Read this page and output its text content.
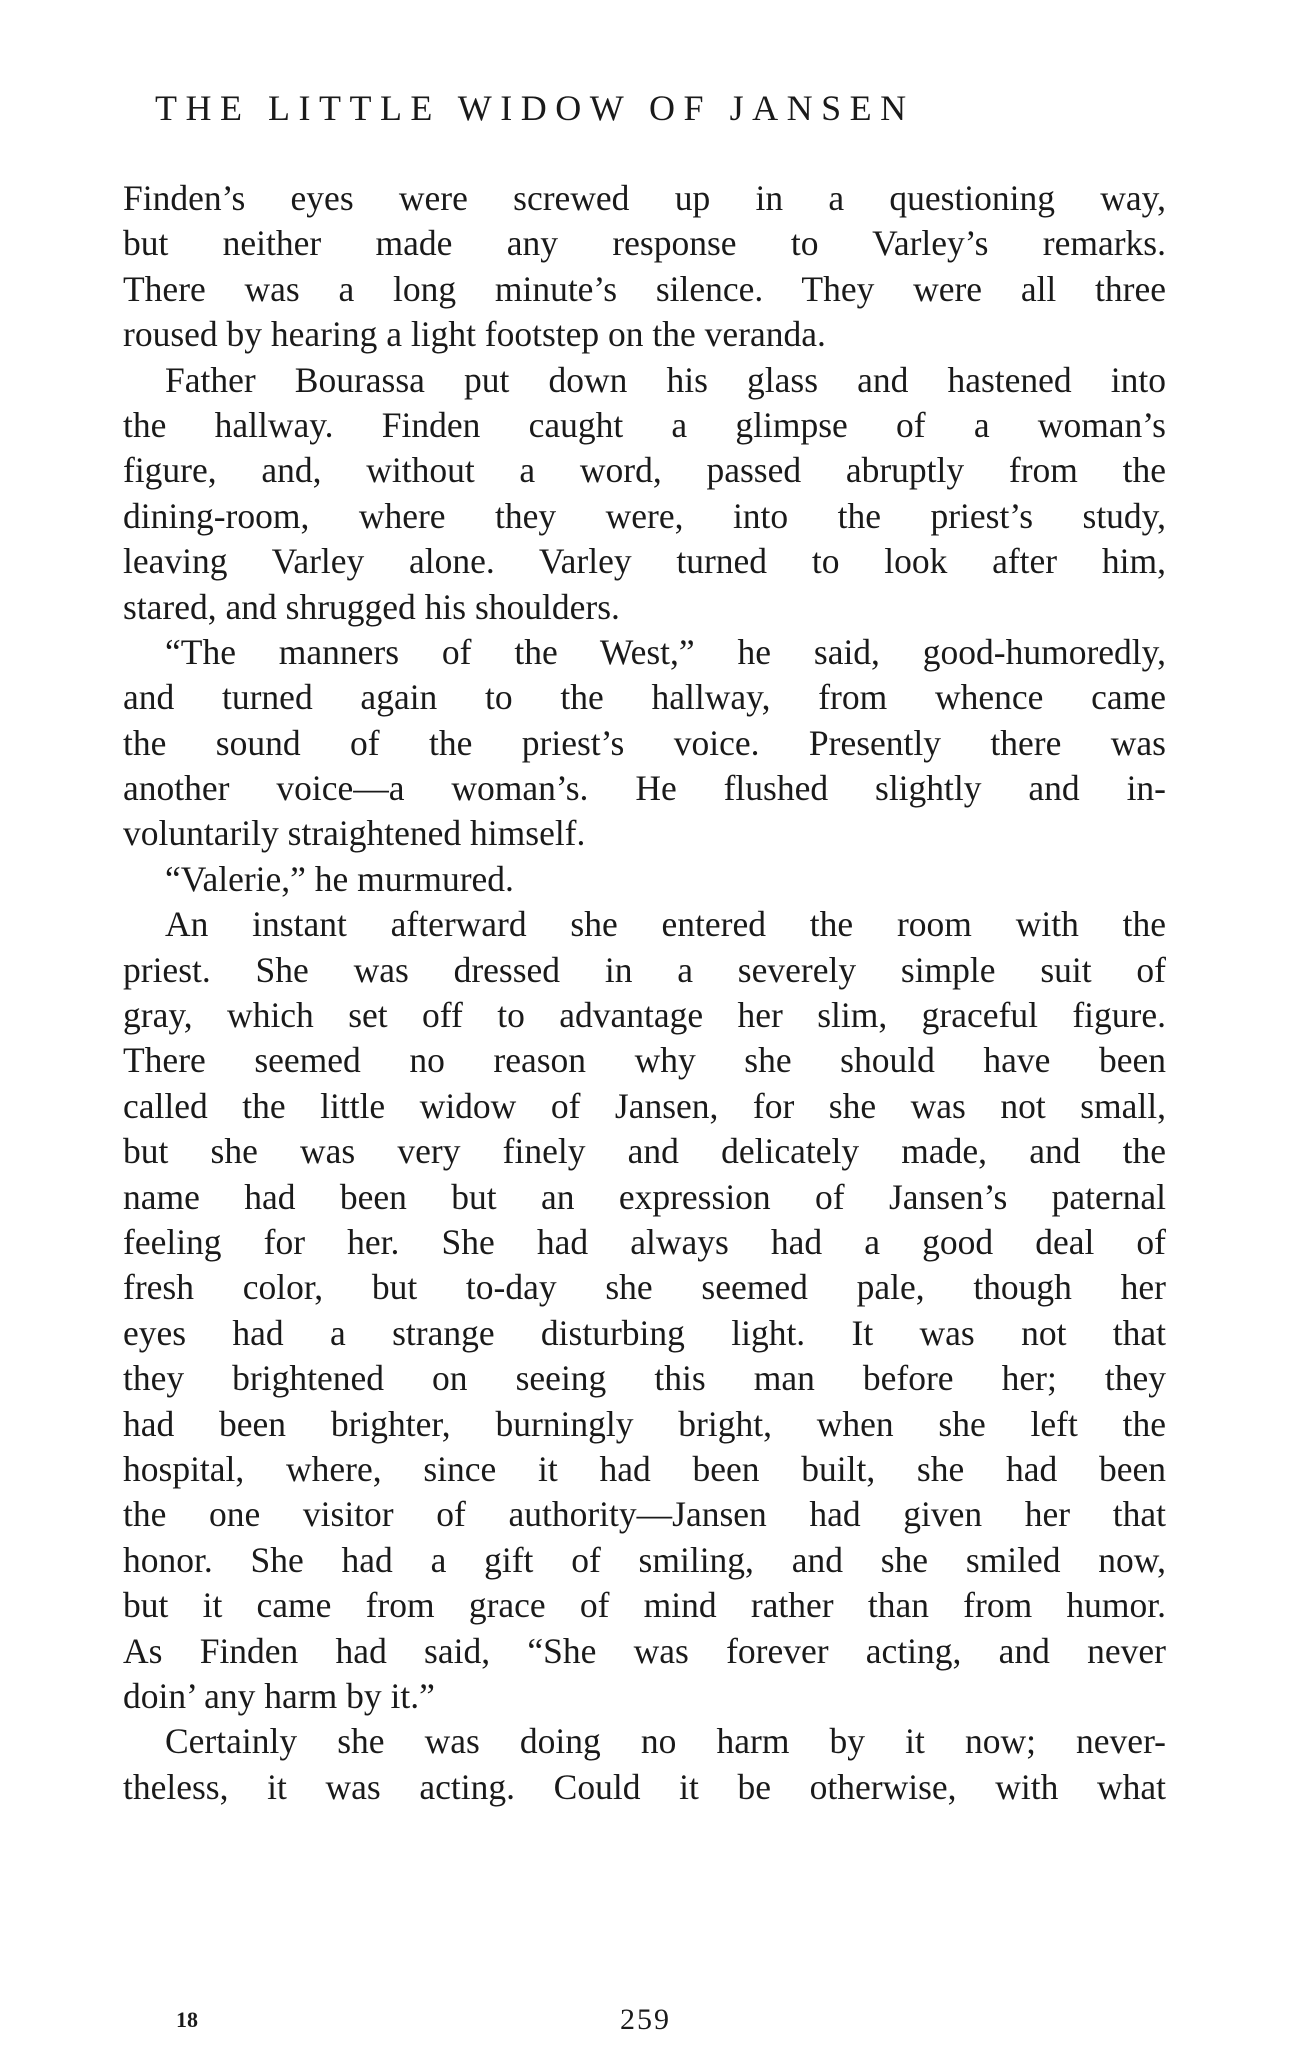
THE LITTLE WIDOW OF JANSEN
Finden’s eyes were screwed up in a questioning way,
but neither made any response to Varley’s remarks.
There was a long minute’s silence. They were all three
roused by hearing a light footstep on the veranda.
Father Bourassa put down his glass and hastened into
the hallway. Finden caught a glimpse of a woman’s
figure, and, without a word, passed abruptly from the
dining-room, where they were, into the priest’s study,
leaving Varley alone. Varley turned to look after him,
stared, and shrugged his shoulders.
“The manners of the West,” he said, good-humoredly,
and turned again to the hallway, from whence came
the sound of the priest’s voice. Presently there was
another voice—a woman’s. He flushed slightly and in-
voluntarily straightened himself.
“Valerie,” he murmured.
An instant afterward she entered the room with the
priest. She was dressed in a severely simple suit of
gray, which set off to advantage her slim, graceful figure.
There seemed no reason why she should have been
called the little widow of Jansen, for she was not small,
but she was very finely and delicately made, and the
name had been but an expression of Jansen’s paternal
feeling for her. She had always had a good deal of
fresh color, but to-day she seemed pale, though her
eyes had a strange disturbing light. It was not that
they brightened on seeing this man before her; they
had been brighter, burningly bright, when she left the
hospital, where, since it had been built, she had been
the one visitor of authority—Jansen had given her that
honor. She had a gift of smiling, and she smiled now,
but it came from grace of mind rather than from humor.
As Finden had said, “She was forever acting, and never
doin’ any harm by it.”
Certainly she was doing no harm by it now; never-
theless, it was acting. Could it be otherwise, with what
18	259
